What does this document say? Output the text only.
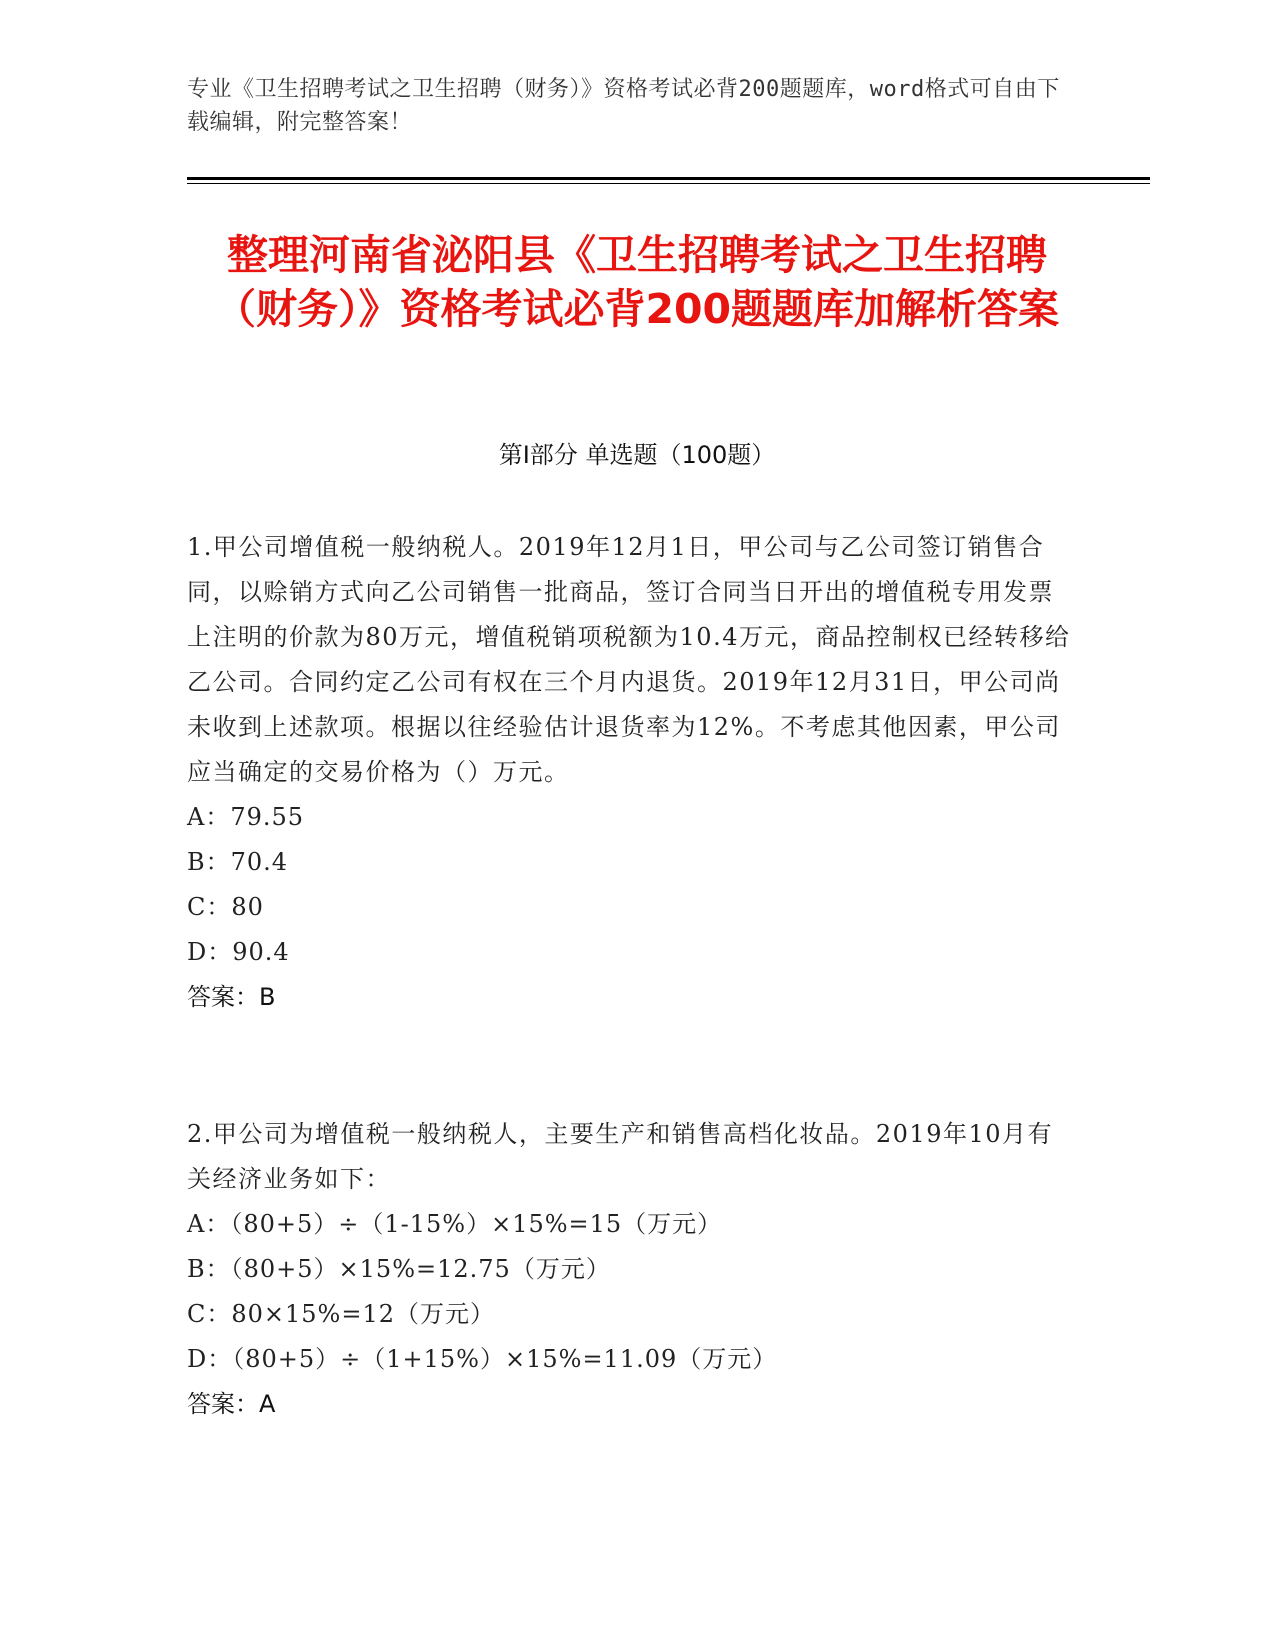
专业《卫生招聘考试之卫生招聘（财务）》资格考试必背200题题库，word格式可自由下载编辑，附完整答案！
整理河南省泌阳县《卫生招聘考试之卫生招聘（财务）》资格考试必背200题题库加解析答案
第I部分 单选题（100题）
1.甲公司增值税一般纳税人。2019年12月1日，甲公司与乙公司签订销售合同，以赊销方式向乙公司销售一批商品，签订合同当日开出的增值税专用发票上注明的价款为80万元，增值税销项税额为10.4万元，商品控制权已经转移给乙公司。合同约定乙公司有权在三个月内退货。2019年12月31日，甲公司尚未收到上述款项。根据以往经验估计退货率为12%。不考虑其他因素，甲公司应当确定的交易价格为（）万元。
A：79.55
B：70.4
C：80
D：90.4
答案：B
2.甲公司为增值税一般纳税人，主要生产和销售高档化妆品。2019年10月有关经济业务如下：
A：（80+5）÷（1-15%）×15%=15（万元）
B：（80+5）×15%=12.75（万元）
C：80×15%=12（万元）
D：（80+5）÷（1+15%）×15%=11.09（万元）
答案：A
